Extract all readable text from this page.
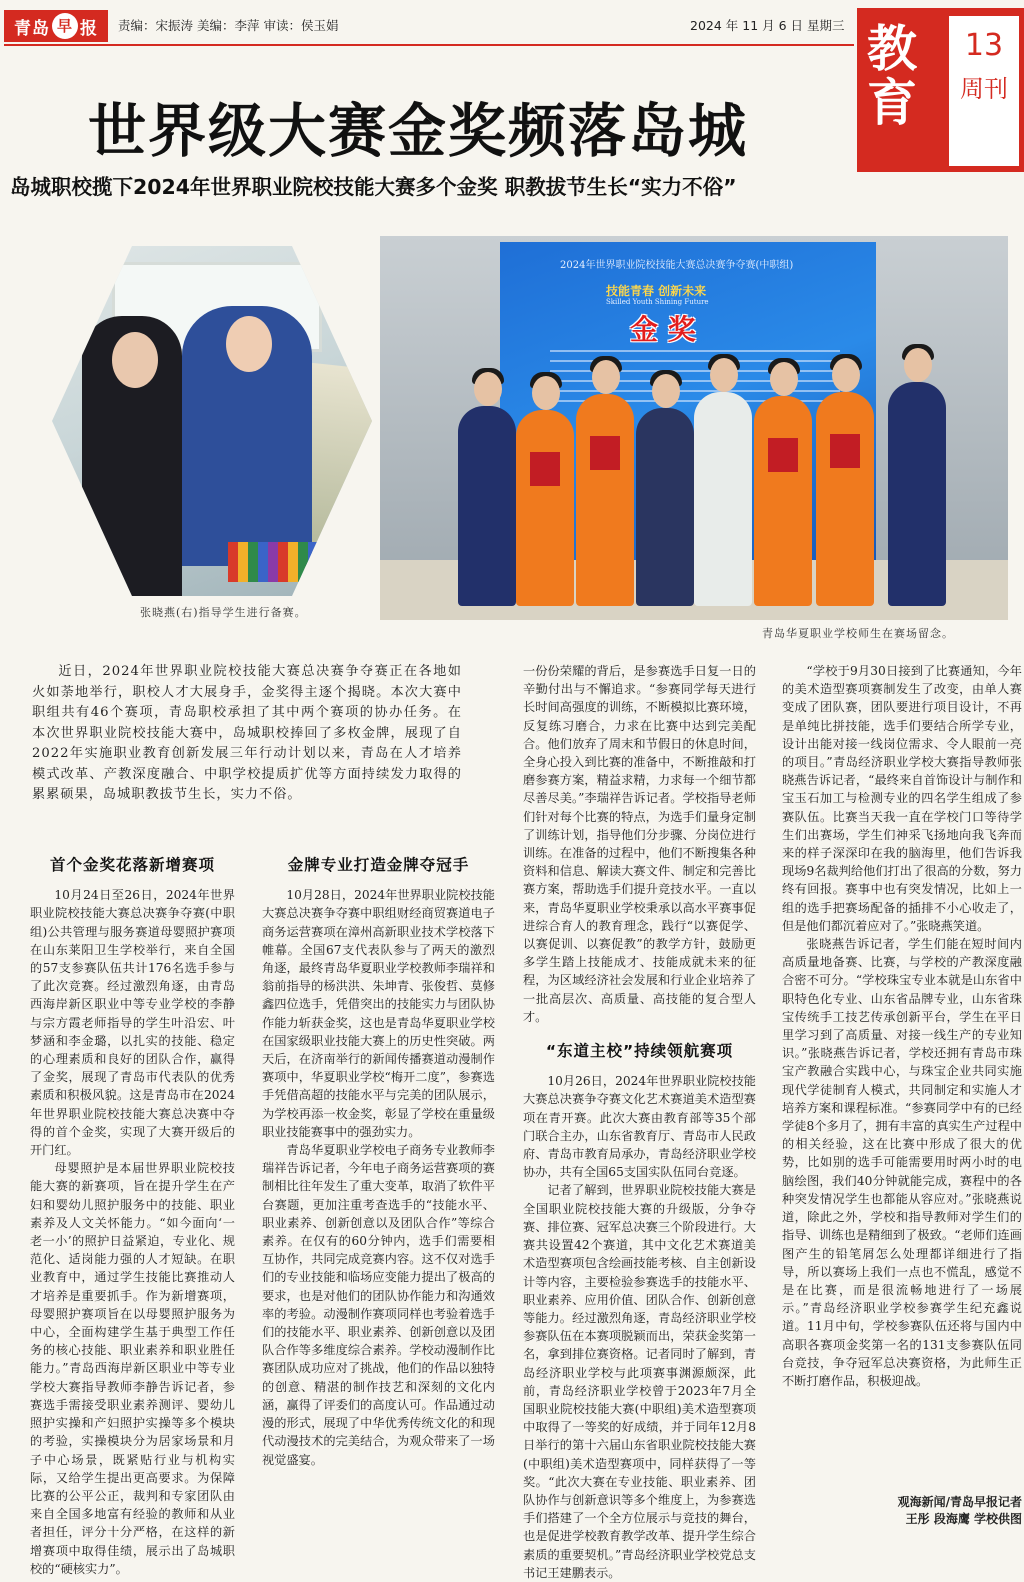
青岛 早 报 责编：宋振涛 美编：李萍 审读：侯玉娟	2024 年 11 月 6 日 星期三 教育
13
周刊
世界级大赛金奖频落岛城
岛城职校揽下2024年世界职业院校技能大赛多个金奖 职教拔节生长“实力不俗”
张晓燕(右)指导学生进行备赛。
2024年世界职业院校技能大赛总决赛争夺赛(中职组)
技能青春 创新未来
Skilled Youth Shining Future
金 奖
青岛华夏职业学校师生在赛场留念。

近日，2024年世界职业院校技能大赛总决赛争夺赛正在各地如火如荼地举行，职校人才大展身手，金奖得主逐个揭晓。本次大赛中职组共有46个赛项，青岛职校承担了其中两个赛项的协办任务。在本次世界职业院校技能大赛中，岛城职校捧回了多枚金牌，展现了自2022年实施职业教育创新发展三年行动计划以来，青岛在人才培养模式改革、产教深度融合、中职学校提质扩优等方面持续发力取得的累累硕果，岛城职教拔节生长，实力不俗。

首个金奖花落新增赛项

10月24日至26日，2024年世界职业院校技能大赛总决赛争夺赛(中职组)公共管理与服务赛道母婴照护赛项在山东莱阳卫生学校举行，来自全国的57支参赛队伍共计176名选手参与了此次竞赛。经过激烈角逐，由青岛西海岸新区职业中等专业学校的李静与宗方霞老师指导的学生叶沿宏、叶梦涵和李金璐，以扎实的技能、稳定的心理素质和良好的团队合作，赢得了金奖，展现了青岛市代表队的优秀素质和积极风貌。这是青岛市在2024年世界职业院校技能大赛总决赛中夺得的首个金奖，实现了大赛开级后的开门红。

母婴照护是本届世界职业院校技能大赛的新赛项，旨在提升学生在产妇和婴幼儿照护服务中的技能、职业素养及人文关怀能力。“如今面向‘一老一小’的照护日益紧迫，专业化、规范化、适岗能力强的人才短缺。在职业教育中，通过学生技能比赛推动人才培养是重要抓手。作为新增赛项，母婴照护赛项旨在以母婴照护服务为中心，全面构建学生基于典型工作任务的核心技能、职业素养和职业胜任能力。”青岛西海岸新区职业中等专业学校大赛指导教师李静告诉记者，参赛选手需接受职业素养测评、婴幼儿照护实操和产妇照护实操等多个模块的考验，实操模块分为居家场景和月子中心场景，既紧贴行业与机构实际，又给学生提出更高要求。为保障比赛的公平公正，裁判和专家团队由来自全国多地富有经验的教师和从业者担任，评分十分严格，在这样的新增赛项中取得佳绩，展示出了岛城职校的“硬核实力”。

金牌专业打造金牌夺冠手

10月28日，2024年世界职业院校技能大赛总决赛争夺赛中职组财经商贸赛道电子商务运营赛项在漳州高新职业技术学校落下帷幕。全国67支代表队参与了两天的激烈角逐，最终青岛华夏职业学校教师李瑞祥和翁前指导的杨洪洪、朱坤青、张俊哲、莫修鑫四位选手，凭借突出的技能实力与团队协作能力斩获金奖，这也是青岛华夏职业学校在国家级职业技能大赛上的历史性突破。两天后，在济南举行的新闻传播赛道动漫制作赛项中，华夏职业学校“梅开二度”，参赛选手凭借高超的技能水平与完美的团队展示，为学校再添一枚金奖，彰显了学校在重量级职业技能赛事中的强劲实力。

青岛华夏职业学校电子商务专业教师李瑞祥告诉记者，今年电子商务运营赛项的赛制相比往年发生了重大变革，取消了软件平台赛题，更加注重考查选手的“技能水平、职业素养、创新创意以及团队合作”等综合素养。在仅有的60分钟内，选手们需要相互协作，共同完成竞赛内容。这不仅对选手们的专业技能和临场应变能力提出了极高的要求，也是对他们的团队协作能力和沟通效率的考验。动漫制作赛项同样也考验着选手们的技能水平、职业素养、创新创意以及团队合作等多维度综合素养。学校动漫制作比赛团队成功应对了挑战，他们的作品以独特的创意、精湛的制作技艺和深刻的文化内涵，赢得了评委们的高度认可。作品通过动漫的形式，展现了中华优秀传统文化的和现代动漫技术的完美结合，为观众带来了一场视觉盛宴。

一份份荣耀的背后，是参赛选手日复一日的辛勤付出与不懈追求。“参赛同学每天进行长时间高强度的训练，不断模拟比赛环境，反复练习磨合，力求在比赛中达到完美配合。他们放弃了周末和节假日的休息时间，全身心投入到比赛的准备中，不断推敲和打磨参赛方案，精益求精，力求每一个细节都尽善尽美。”李瑞祥告诉记者。学校指导老师们针对每个比赛的特点，为选手们量身定制了训练计划，指导他们分步骤、分岗位进行训练。在准备的过程中，他们不断搜集各种资料和信息、解读大赛文件、制定和完善比赛方案，帮助选手们提升竞技水平。一直以来，青岛华夏职业学校秉承以高水平赛事促进综合育人的教育理念，践行“以赛促学、以赛促训、以赛促教”的教学方针，鼓励更多学生踏上技能成才、技能成就未来的征程，为区域经济社会发展和行业企业培养了一批高层次、高质量、高技能的复合型人才。

“东道主校”持续领航赛项

10月26日，2024年世界职业院校技能大赛总决赛争夺赛文化艺术赛道美术造型赛项在青开赛。此次大赛由教育部等35个部门联合主办，山东省教育厅、青岛市人民政府、青岛市教育局承办，青岛经济职业学校协办，共有全国65支国实队伍同台竞逐。

记者了解到，世界职业院校技能大赛是全国职业院校技能大赛的升级版，分争夺赛、排位赛、冠军总决赛三个阶段进行。大赛共设置42个赛道，其中文化艺术赛道美术造型赛项包含绘画技能考核、自主创新设计等内容，主要检验参赛选手的技能水平、职业素养、应用价值、团队合作、创新创意等能力。经过激烈角逐，青岛经济职业学校参赛队伍在本赛项脱颖而出，荣获金奖第一名，拿到排位赛资格。记者同时了解到，青岛经济职业学校与此项赛事渊源颇深，此前，青岛经济职业学校曾于2023年7月全国职业院校技能大赛(中职组)美术造型赛项中取得了一等奖的好成绩，并于同年12月8日举行的第十六届山东省职业院校技能大赛(中职组)美术造型赛项中，同样获得了一等奖。“此次大赛在专业技能、职业素养、团队协作与创新意识等多个维度上，为参赛选手们搭建了一个全方位展示与竞技的舞台，也是促进学校教育教学改革、提升学生综合素质的重要契机。”青岛经济职业学校党总支书记王建鹏表示。

“学校于9月30日接到了比赛通知，今年的美术造型赛项赛制发生了改变，由单人赛变成了团队赛，团队要进行项目设计，不再是单纯比拼技能，选手们要结合所学专业，设计出能对接一线岗位需求、令人眼前一亮的项目。”青岛经济职业学校大赛指导教师张晓燕告诉记者，“最终来自首饰设计与制作和宝玉石加工与检测专业的四名学生组成了参赛队伍。比赛当天我一直在学校门口等待学生们出赛场，学生们神采飞扬地向我飞奔而来的样子深深印在我的脑海里，他们告诉我现场9名裁判给他们打出了很高的分数，努力终有回报。赛事中也有突发情况，比如上一组的选手把赛场配备的插排不小心收走了，但是他们都沉着应对了。”张晓燕笑道。

张晓燕告诉记者，学生们能在短时间内高质量地备赛、比赛，与学校的产教深度融合密不可分。“学校珠宝专业本就是山东省中职特色化专业、山东省品牌专业，山东省珠宝传统手工技艺传承创新平台，学生在平日里学习到了高质量、对接一线生产的专业知识。”张晓燕告诉记者，学校还拥有青岛市珠宝产教融合实践中心，与珠宝企业共同实施现代学徒制育人模式，共同制定和实施人才培养方案和课程标准。“参赛同学中有的已经学徒8个多月了，拥有丰富的真实生产过程中的相关经验，这在比赛中形成了很大的优势，比如别的选手可能需要用时两小时的电脑绘图，我们40分钟就能完成，赛程中的各种突发情况学生也都能从容应对。”张晓燕说道，除此之外，学校和指导教师对学生们的指导、训练也是精细到了极致。“老师们连画图产生的铅笔屑怎么处理都详细进行了指导，所以赛场上我们一点也不慌乱，感觉不是在比赛，而是很流畅地进行了一场展示。”青岛经济职业学校参赛学生纪充鑫说道。11月中旬，学校参赛队伍还将与国内中高职各赛项金奖第一名的131支参赛队伍同台竞技，争夺冠军总决赛资格，为此师生正不断打磨作品，积极迎战。

观海新闻/青岛早报记者
王彤 段海鹰 学校供图
